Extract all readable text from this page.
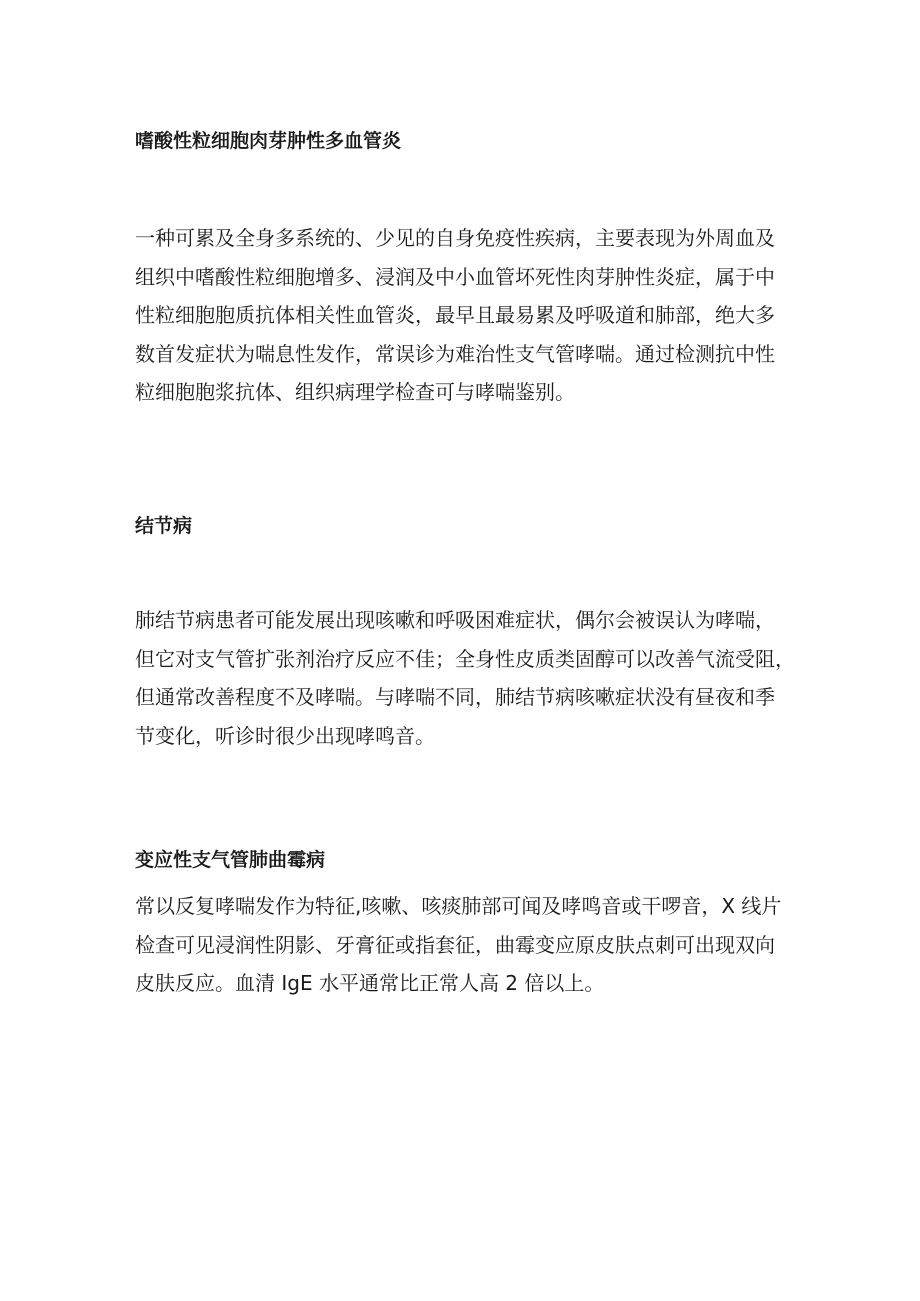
嗜酸性粒细胞肉芽肿性多血管炎
一种可累及全身多系统的、少见的自身免疫性疾病，主要表现为外周血及
组织中嗜酸性粒细胞增多、浸润及中小血管坏死性肉芽肿性炎症，属于中
性粒细胞胞质抗体相关性血管炎，最早且最易累及呼吸道和肺部，绝大多
数首发症状为喘息性发作，常误诊为难治性支气管哮喘。通过检测抗中性
粒细胞胞浆抗体、组织病理学检查可与哮喘鉴别。
结节病
肺结节病患者可能发展出现咳嗽和呼吸困难症状，偶尔会被误认为哮喘，
但它对支气管扩张剂治疗反应不佳；全身性皮质类固醇可以改善气流受阻，
但通常改善程度不及哮喘。与哮喘不同，肺结节病咳嗽症状没有昼夜和季
节变化，听诊时很少出现哮鸣音。
变应性支气管肺曲霉病
常以反复哮喘发作为特征,咳嗽、咳痰肺部可闻及哮鸣音或干啰音，X 线片
检查可见浸润性阴影、牙膏征或指套征，曲霉变应原皮肤点刺可出现双向
皮肤反应。血清 IgE 水平通常比正常人高 2 倍以上。
